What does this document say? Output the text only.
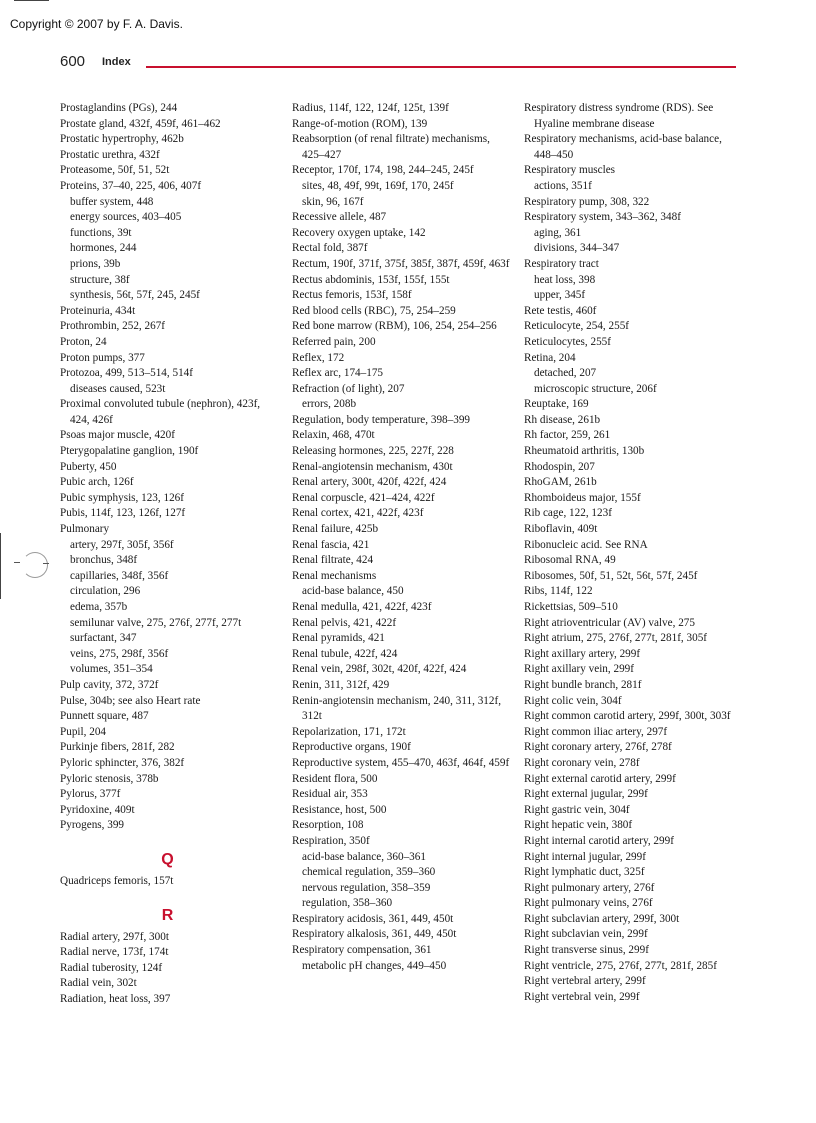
Copyright © 2007 by F. A. Davis.
600 Index
Prostaglandins (PGs), 244
Prostate gland, 432f, 459f, 461–462
Prostatic hypertrophy, 462b
Prostatic urethra, 432f
Proteasome, 50f, 51, 52t
Proteins, 37–40, 225, 406, 407f
buffer system, 448
energy sources, 403–405
functions, 39t
hormones, 244
prions, 39b
structure, 38f
synthesis, 56t, 57f, 245, 245f
Proteinuria, 434t
Prothrombin, 252, 267f
Proton, 24
Proton pumps, 377
Protozoa, 499, 513–514, 514f
diseases caused, 523t
Proximal convoluted tubule (nephron), 423f, 424, 426f
Psoas major muscle, 420f
Pterygopalatine ganglion, 190f
Puberty, 450
Pubic arch, 126f
Pubic symphysis, 123, 126f
Pubis, 114f, 123, 126f, 127f
Pulmonary
artery, 297f, 305f, 356f
bronchus, 348f
capillaries, 348f, 356f
circulation, 296
edema, 357b
semilunar valve, 275, 276f, 277f, 277t
surfactant, 347
veins, 275, 298f, 356f
volumes, 351–354
Pulp cavity, 372, 372f
Pulse, 304b; see also Heart rate
Punnett square, 487
Pupil, 204
Purkinje fibers, 281f, 282
Pyloric sphincter, 376, 382f
Pyloric stenosis, 378b
Pylorus, 377f
Pyridoxine, 409t
Pyrogens, 399
Q
Quadriceps femoris, 157t
R
Radial artery, 297f, 300t
Radial nerve, 173f, 174t
Radial tuberosity, 124f
Radial vein, 302t
Radiation, heat loss, 397
Radius, 114f, 122, 124f, 125t, 139f
Range-of-motion (ROM), 139
Reabsorption (of renal filtrate) mechanisms, 425–427
Receptor, 170f, 174, 198, 244–245, 245f
sites, 48, 49f, 99t, 169f, 170, 245f
skin, 96, 167f
Recessive allele, 487
Recovery oxygen uptake, 142
Rectal fold, 387f
Rectum, 190f, 371f, 375f, 385f, 387f, 459f, 463f
Rectus abdominis, 153f, 155f, 155t
Rectus femoris, 153f, 158f
Red blood cells (RBC), 75, 254–259
Red bone marrow (RBM), 106, 254, 254–256
Referred pain, 200
Reflex, 172
Reflex arc, 174–175
Refraction (of light), 207
errors, 208b
Regulation, body temperature, 398–399
Relaxin, 468, 470t
Releasing hormones, 225, 227f, 228
Renal-angiotensin mechanism, 430t
Renal artery, 300t, 420f, 422f, 424
Renal corpuscle, 421–424, 422f
Renal cortex, 421, 422f, 423f
Renal failure, 425b
Renal fascia, 421
Renal filtrate, 424
Renal mechanisms
acid-base balance, 450
Renal medulla, 421, 422f, 423f
Renal pelvis, 421, 422f
Renal pyramids, 421
Renal tubule, 422f, 424
Renal vein, 298f, 302t, 420f, 422f, 424
Renin, 311, 312f, 429
Renin-angiotensin mechanism, 240, 311, 312f, 312t
Repolarization, 171, 172t
Reproductive organs, 190f
Reproductive system, 455–470, 463f, 464f, 459f
Resident flora, 500
Residual air, 353
Resistance, host, 500
Resorption, 108
Respiration, 350f
acid-base balance, 360–361
chemical regulation, 359–360
nervous regulation, 358–359
regulation, 358–360
Respiratory acidosis, 361, 449, 450t
Respiratory alkalosis, 361, 449, 450t
Respiratory compensation, 361
metabolic pH changes, 449–450
Respiratory distress syndrome (RDS). See Hyaline membrane disease
Respiratory mechanisms, acid-base balance, 448–450
Respiratory muscles
actions, 351f
Respiratory pump, 308, 322
Respiratory system, 343–362, 348f
aging, 361
divisions, 344–347
Respiratory tract
heat loss, 398
upper, 345f
Rete testis, 460f
Reticulocyte, 254, 255f
Reticulocytes, 255f
Retina, 204
detached, 207
microscopic structure, 206f
Reuptake, 169
Rh disease, 261b
Rh factor, 259, 261
Rheumatoid arthritis, 130b
Rhodospin, 207
RhoGAM, 261b
Rhomboideus major, 155f
Rib cage, 122, 123f
Riboflavin, 409t
Ribonucleic acid. See RNA
Ribosomal RNA, 49
Ribosomes, 50f, 51, 52t, 56t, 57f, 245f
Ribs, 114f, 122
Rickettsias, 509–510
Right atrioventricular (AV) valve, 275
Right atrium, 275, 276f, 277t, 281f, 305f
Right axillary artery, 299f
Right axillary vein, 299f
Right bundle branch, 281f
Right colic vein, 304f
Right common carotid artery, 299f, 300t, 303f
Right common iliac artery, 297f
Right coronary artery, 276f, 278f
Right coronary vein, 278f
Right external carotid artery, 299f
Right external jugular, 299f
Right gastric vein, 304f
Right hepatic vein, 380f
Right internal carotid artery, 299f
Right internal jugular, 299f
Right lymphatic duct, 325f
Right pulmonary artery, 276f
Right pulmonary veins, 276f
Right subclavian artery, 299f, 300t
Right subclavian vein, 299f
Right transverse sinus, 299f
Right ventricle, 275, 276f, 277t, 281f, 285f
Right vertebral artery, 299f
Right vertebral vein, 299f
